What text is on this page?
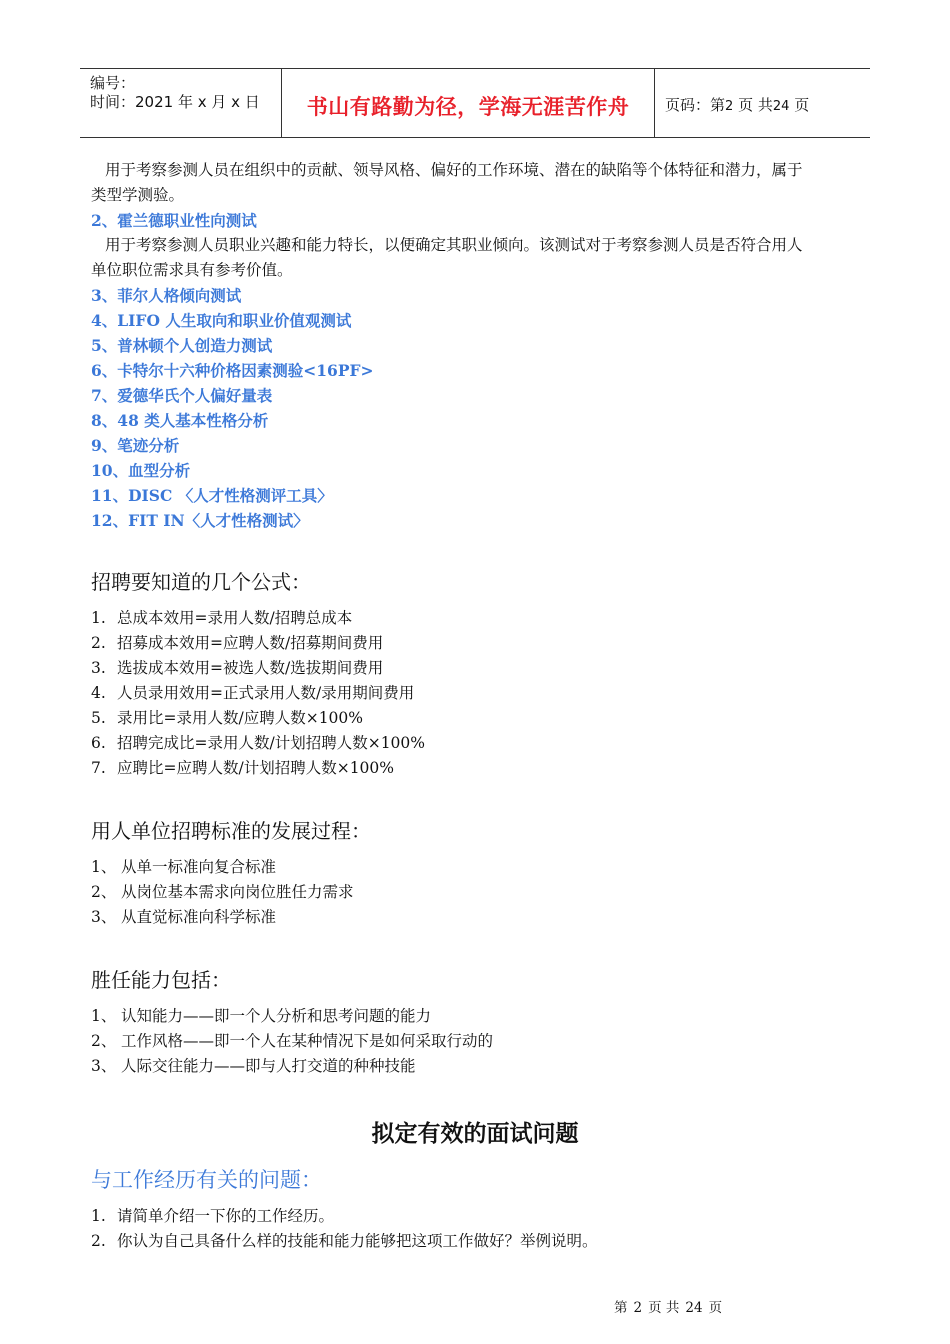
编号：
时间：2021 年 x 月 x 日	书山有路勤为径，学海无涯苦作舟	页码：第2 页 共24 页
用于考察参测人员在组织中的贡献、领导风格、偏好的工作环境、潜在的缺陷等个体特征和潜力，属于
类型学测验。
2、霍兰德职业性向测试
用于考察参测人员职业兴趣和能力特长，以便确定其职业倾向。该测试对于考察参测人员是否符合用人
单位职位需求具有参考价值。
3、菲尔人格倾向测试
4、LIFO 人生取向和职业价值观测试
5、普林顿个人创造力测试
6、卡特尔十六种价格因素测验<16PF>
7、爱德华氏个人偏好量表
8、48 类人基本性格分析
9、笔迹分析
10、血型分析
11、DISC 〈人才性格测评工具〉
12、FIT IN〈人才性格测试〉
招聘要知道的几个公式：
1. 总成本效用=录用人数/招聘总成本
2. 招募成本效用=应聘人数/招募期间费用
3. 选拔成本效用=被选人数/选拔期间费用
4. 人员录用效用=正式录用人数/录用期间费用
5. 录用比=录用人数/应聘人数×100%
6. 招聘完成比=录用人数/计划招聘人数×100%
7. 应聘比=应聘人数/计划招聘人数×100%
用人单位招聘标准的发展过程：
1、 从单一标准向复合标准
2、 从岗位基本需求向岗位胜任力需求
3、 从直觉标准向科学标准
胜任能力包括：
1、 认知能力——即一个人分析和思考问题的能力
2、 工作风格——即一个人在某种情况下是如何采取行动的
3、 人际交往能力——即与人打交道的种种技能
拟定有效的面试问题
与工作经历有关的问题：
1. 请简单介绍一下你的工作经历。
2. 你认为自己具备什么样的技能和能力能够把这项工作做好？举例说明。
第 2 页 共 24 页
